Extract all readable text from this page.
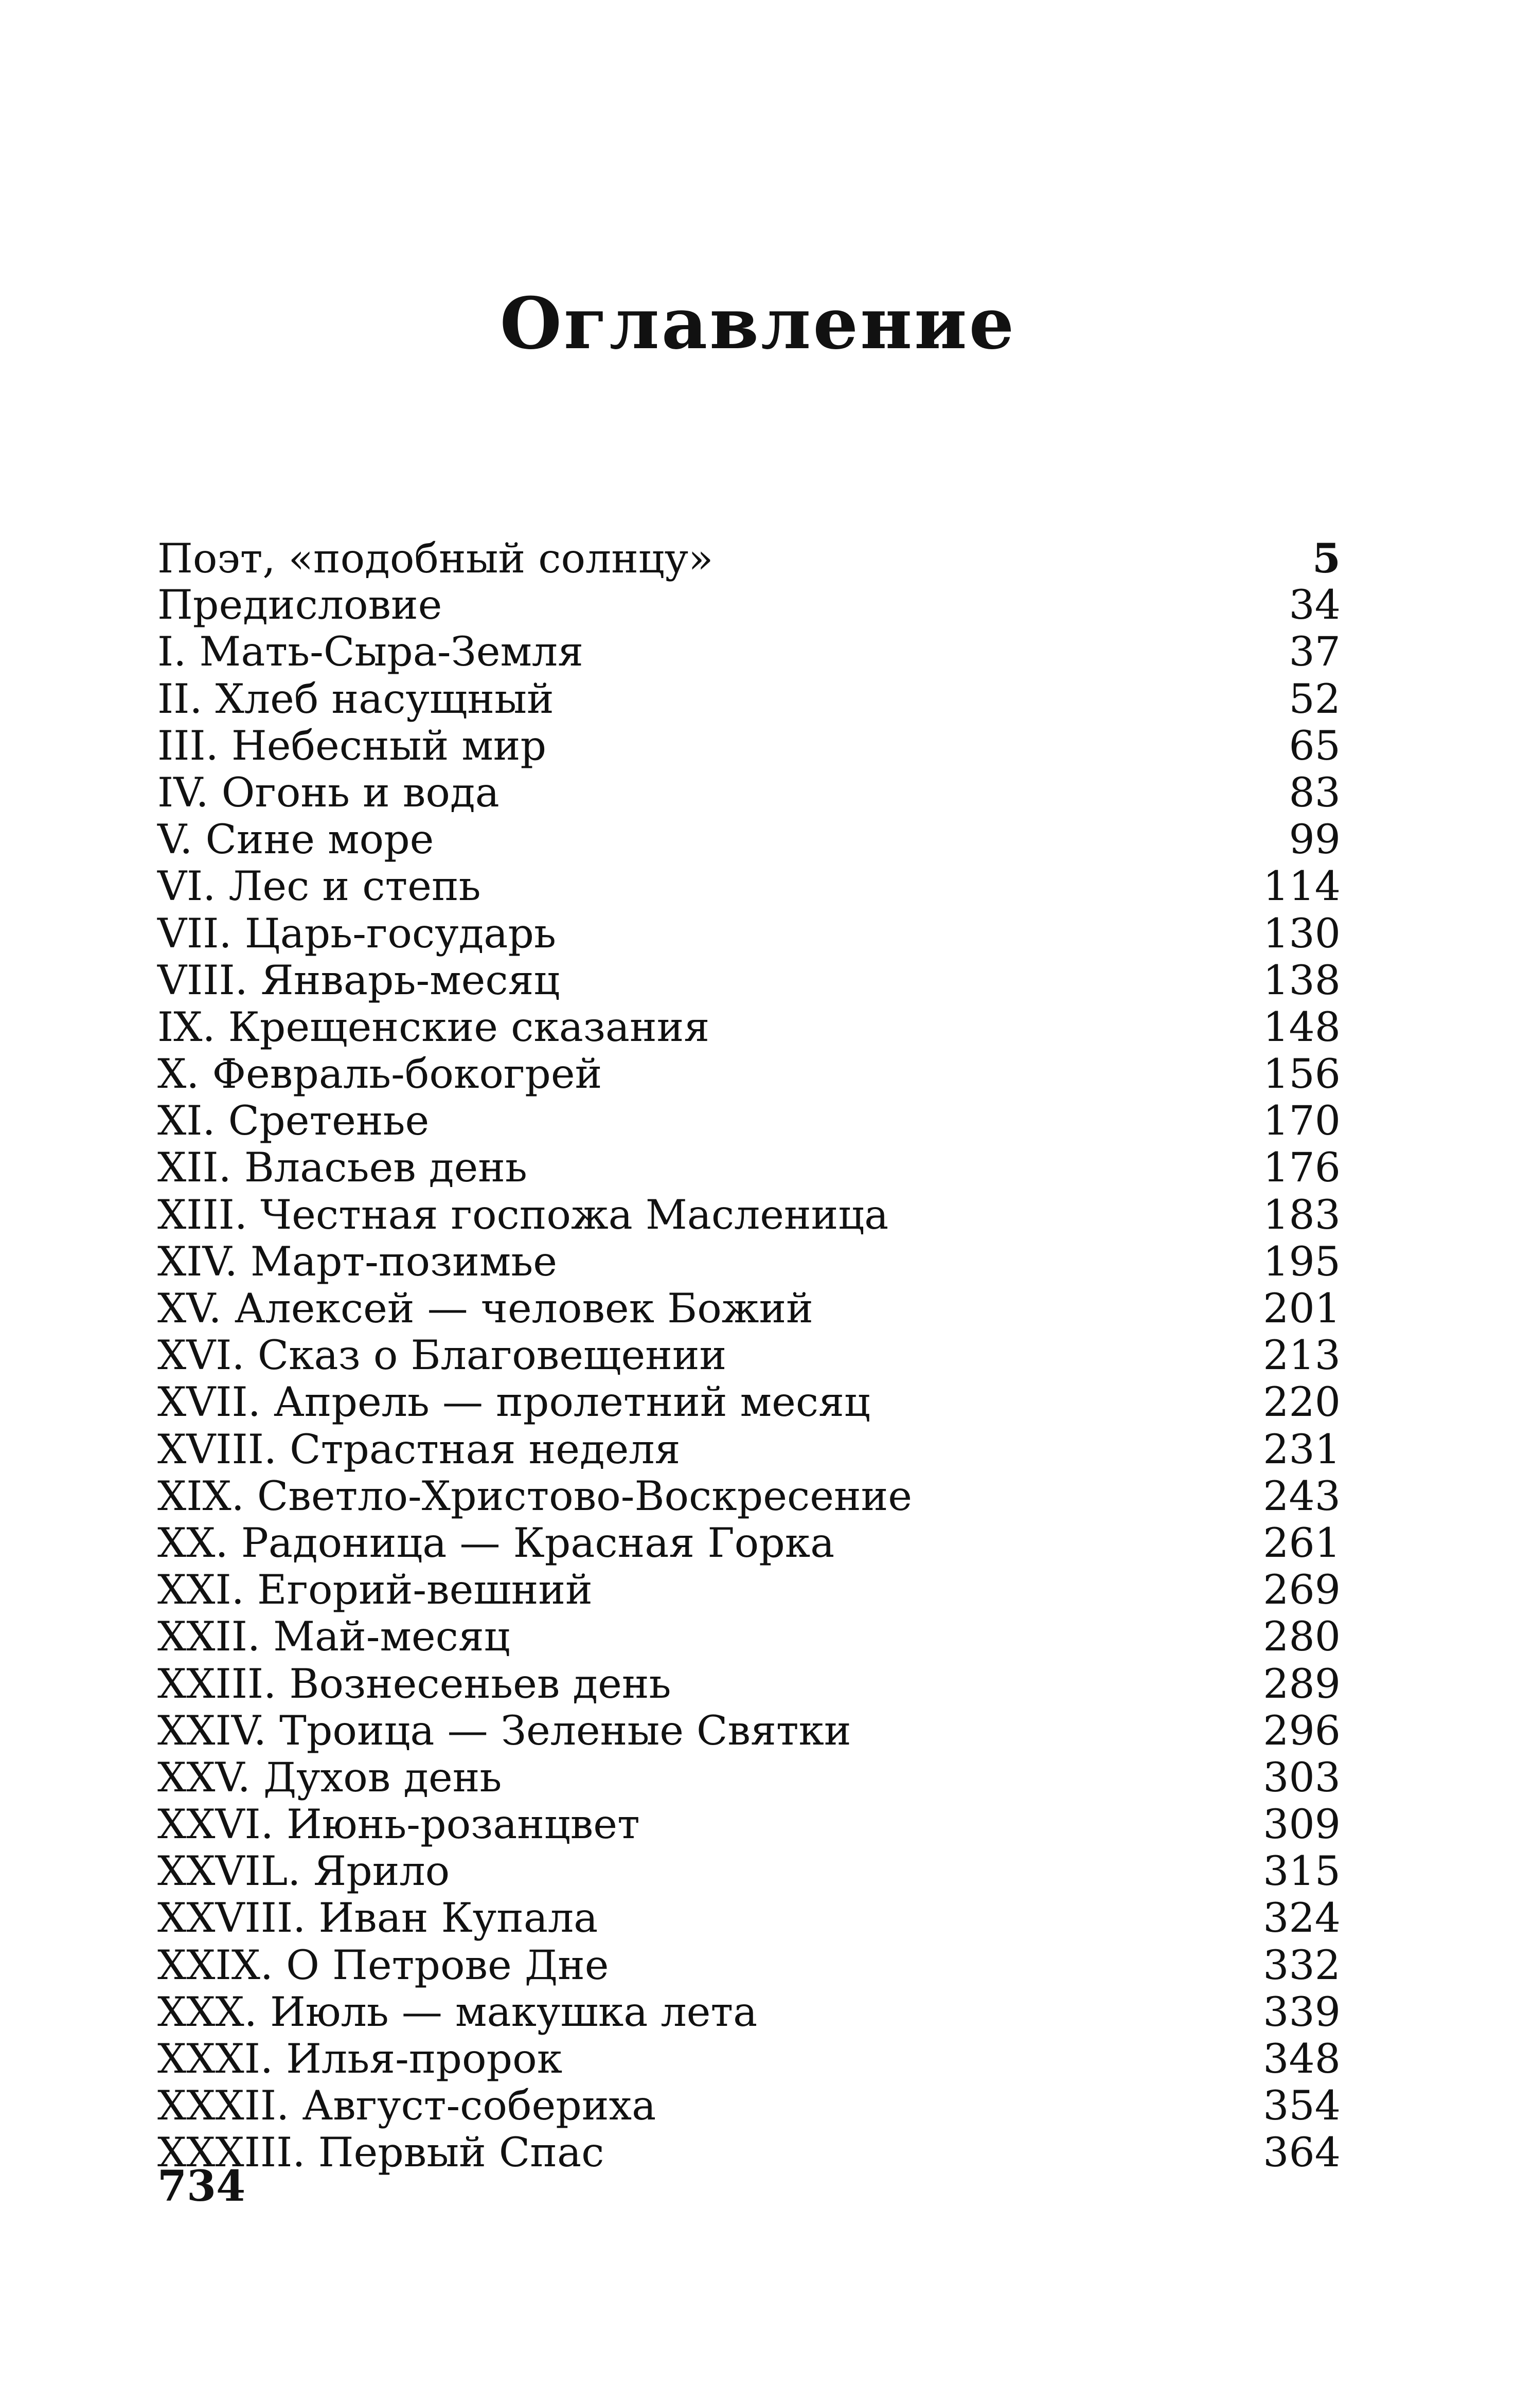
Оглавление
Поэт, «подобный солнцу»	5
Предисловие	34
I. Мать-Сыра-Земля	37
II. Хлеб насущный	52
III. Небесный мир	65
IV. Огонь и вода	83
V. Сине море	99
VI. Лес и степь	114
VII. Царь-государь	130
VIII. Январь-месяц	138
IX. Крещенские сказания	148
X. Февраль-бокогрей	156
XI. Сретенье	170
XII. Власьев день	176
XIII. Честная госпожа Масленица	183
XIV. Март-позимье	195
XV. Алексей — человек Божий	201
XVI. Сказ о Благовещении	213
XVII. Апрель — пролетний месяц	220
XVIII. Страстная неделя	231
XIX. Светло-Христово-Воскресение	243
XX. Радоница — Красная Горка	261
XXI. Егорий-вешний	269
XXII. Май-месяц	280
XXIII. Вознесеньев день	289
XXIV. Троица — Зеленые Святки	296
XXV. Духов день	303
XXVI. Июнь-розанцвет	309
XXVIL. Ярило	315
XXVIII. Иван Купала	324
XXIX. О Петрове Дне	332
XXX. Июль — макушка лета	339
XXXI. Илья-пророк	348
XXXII. Август-собериха	354
XXXIII. Первый Спас	364
734
